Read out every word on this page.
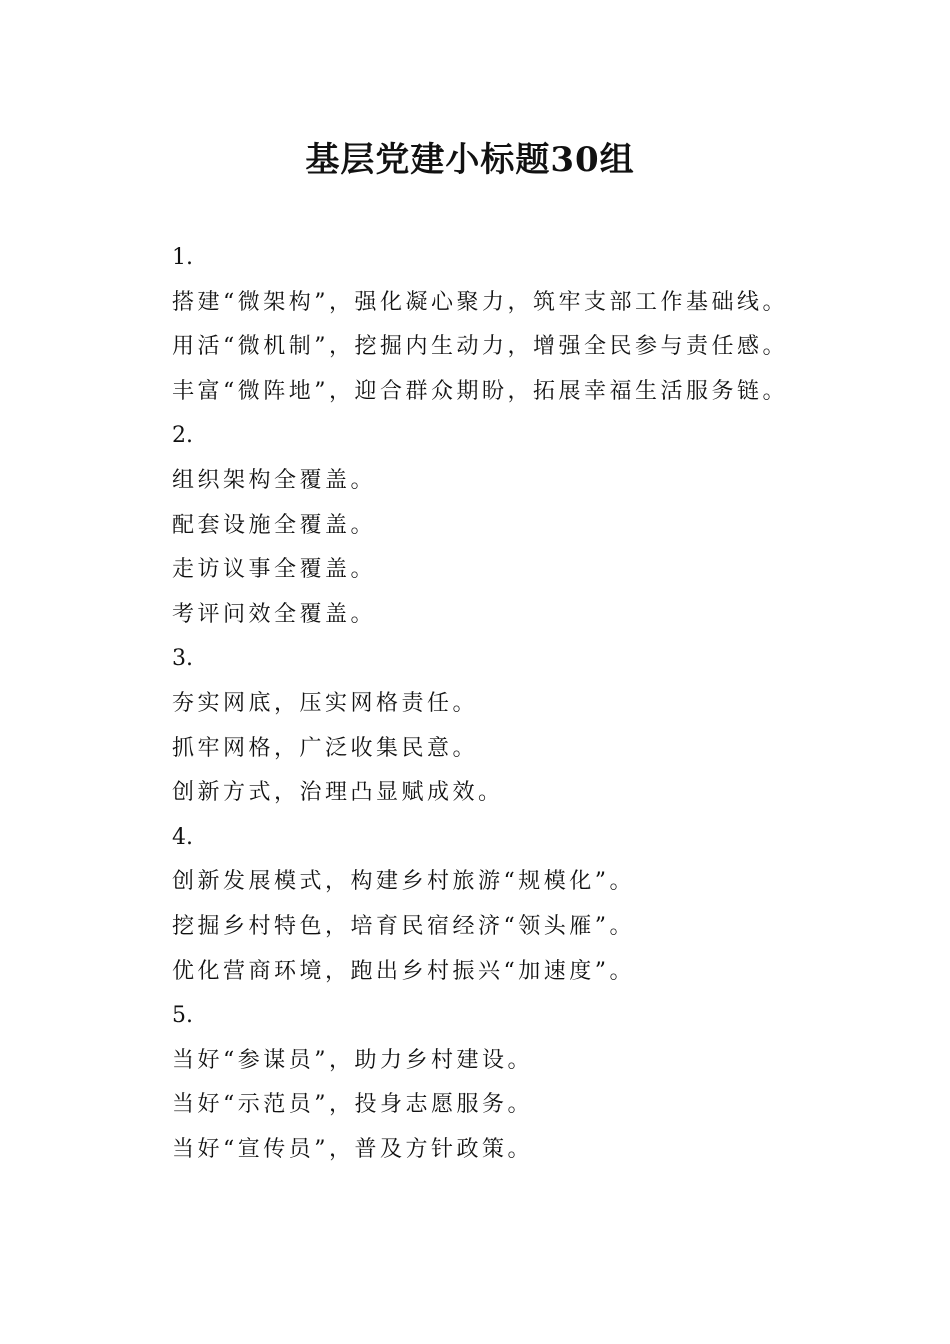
基层党建小标题30组
1.
搭建“微架构”，强化凝心聚力，筑牢支部工作基础线。
用活“微机制”，挖掘内生动力，增强全民参与责任感。
丰富“微阵地”，迎合群众期盼，拓展幸福生活服务链。
2.
组织架构全覆盖。
配套设施全覆盖。
走访议事全覆盖。
考评问效全覆盖。
3.
夯实网底，压实网格责任。
抓牢网格，广泛收集民意。
创新方式，治理凸显赋成效。
4.
创新发展模式，构建乡村旅游“规模化”。
挖掘乡村特色，培育民宿经济“领头雁”。
优化营商环境，跑出乡村振兴“加速度”。
5.
当好“参谋员”，助力乡村建设。
当好“示范员”，投身志愿服务。
当好“宣传员”，普及方针政策。
